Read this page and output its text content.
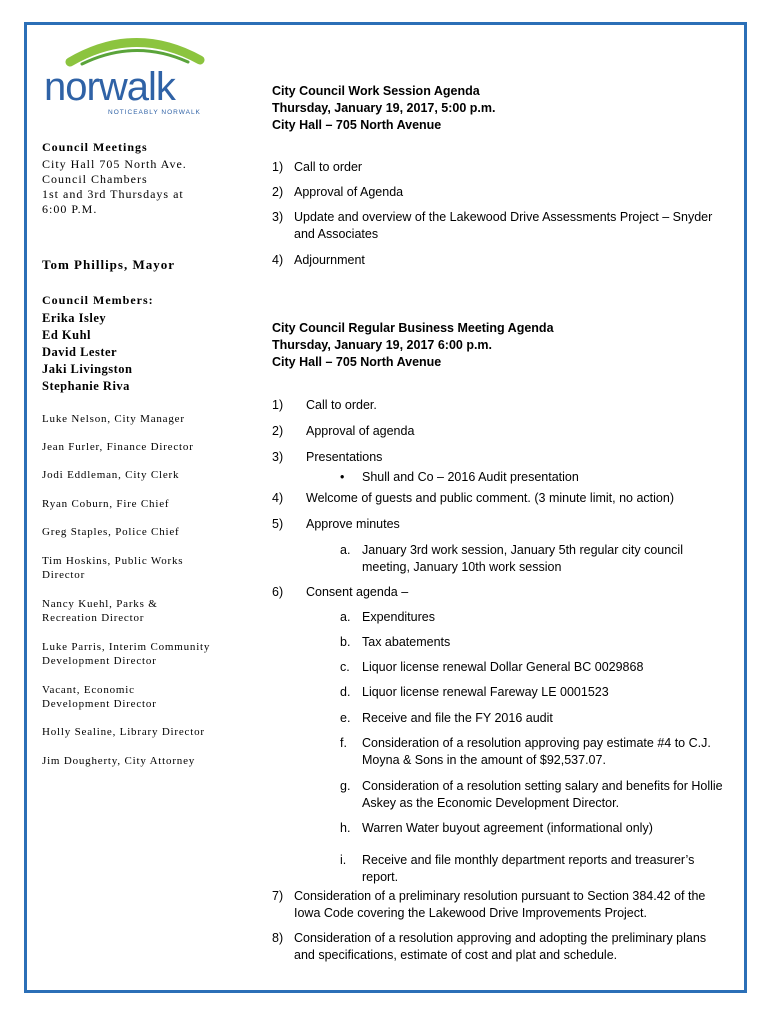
norwalk
NOTICEABLY NORWALK
Council Meetings
City Hall 705 North Ave.
Council Chambers
1st and 3rd Thursdays at
6:00 P.M.
Tom Phillips, Mayor
Council Members:
Erika Isley
Ed Kuhl
David Lester
Jaki Livingston
Stephanie Riva
Luke Nelson, City Manager
Jean Furler, Finance Director
Jodi Eddleman, City Clerk
Ryan Coburn, Fire Chief
Greg Staples, Police Chief
Tim Hoskins, Public Works Director
Nancy Kuehl, Parks & Recreation Director
Luke Parris, Interim Community Development Director
Vacant, Economic Development Director
Holly Sealine, Library Director
Jim Dougherty, City Attorney
City Council Work Session Agenda
Thursday, January 19, 2017, 5:00 p.m.
City Hall – 705 North Avenue
1) Call to order
2) Approval of Agenda
3) Update and overview of the Lakewood Drive Assessments Project – Snyder and Associates
4) Adjournment
City Council Regular Business Meeting Agenda
Thursday, January 19, 2017 6:00 p.m.
City Hall – 705 North Avenue
1) Call to order.
2) Approval of agenda
3) Presentations
• Shull and Co – 2016 Audit presentation
4) Welcome of guests and public comment. (3 minute limit, no action)
5) Approve minutes
a. January 3rd work session, January 5th regular city council meeting, January 10th work session
6) Consent agenda –
a. Expenditures
b. Tax abatements
c. Liquor license renewal Dollar General BC 0029868
d. Liquor license renewal Fareway LE 0001523
e. Receive and file the FY 2016 audit
f. Consideration of a resolution approving pay estimate #4 to C.J. Moyna & Sons in the amount of $92,537.07.
g. Consideration of a resolution setting salary and benefits for Hollie Askey as the Economic Development Director.
h. Warren Water buyout agreement (informational only)
i. Receive and file monthly department reports and treasurer’s report.
7) Consideration of a preliminary resolution pursuant to Section 384.42 of the Iowa Code covering the Lakewood Drive Improvements Project.
8) Consideration of a resolution approving and adopting the preliminary plans and specifications, estimate of cost and plat and schedule.
